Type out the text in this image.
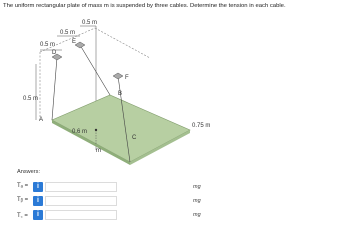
The uniform rectangular plate of mass m is suspended by three cables. Determine the tension in each cable.
0.5 m
0.5 m
0.5 m
0.5 m
0.6 m
0.75 m
A
B
C
D
E
F
m
Answers:
Tₐ =	i	mg
Tᵦ =	i	mg
T꜀ =	i	mg
